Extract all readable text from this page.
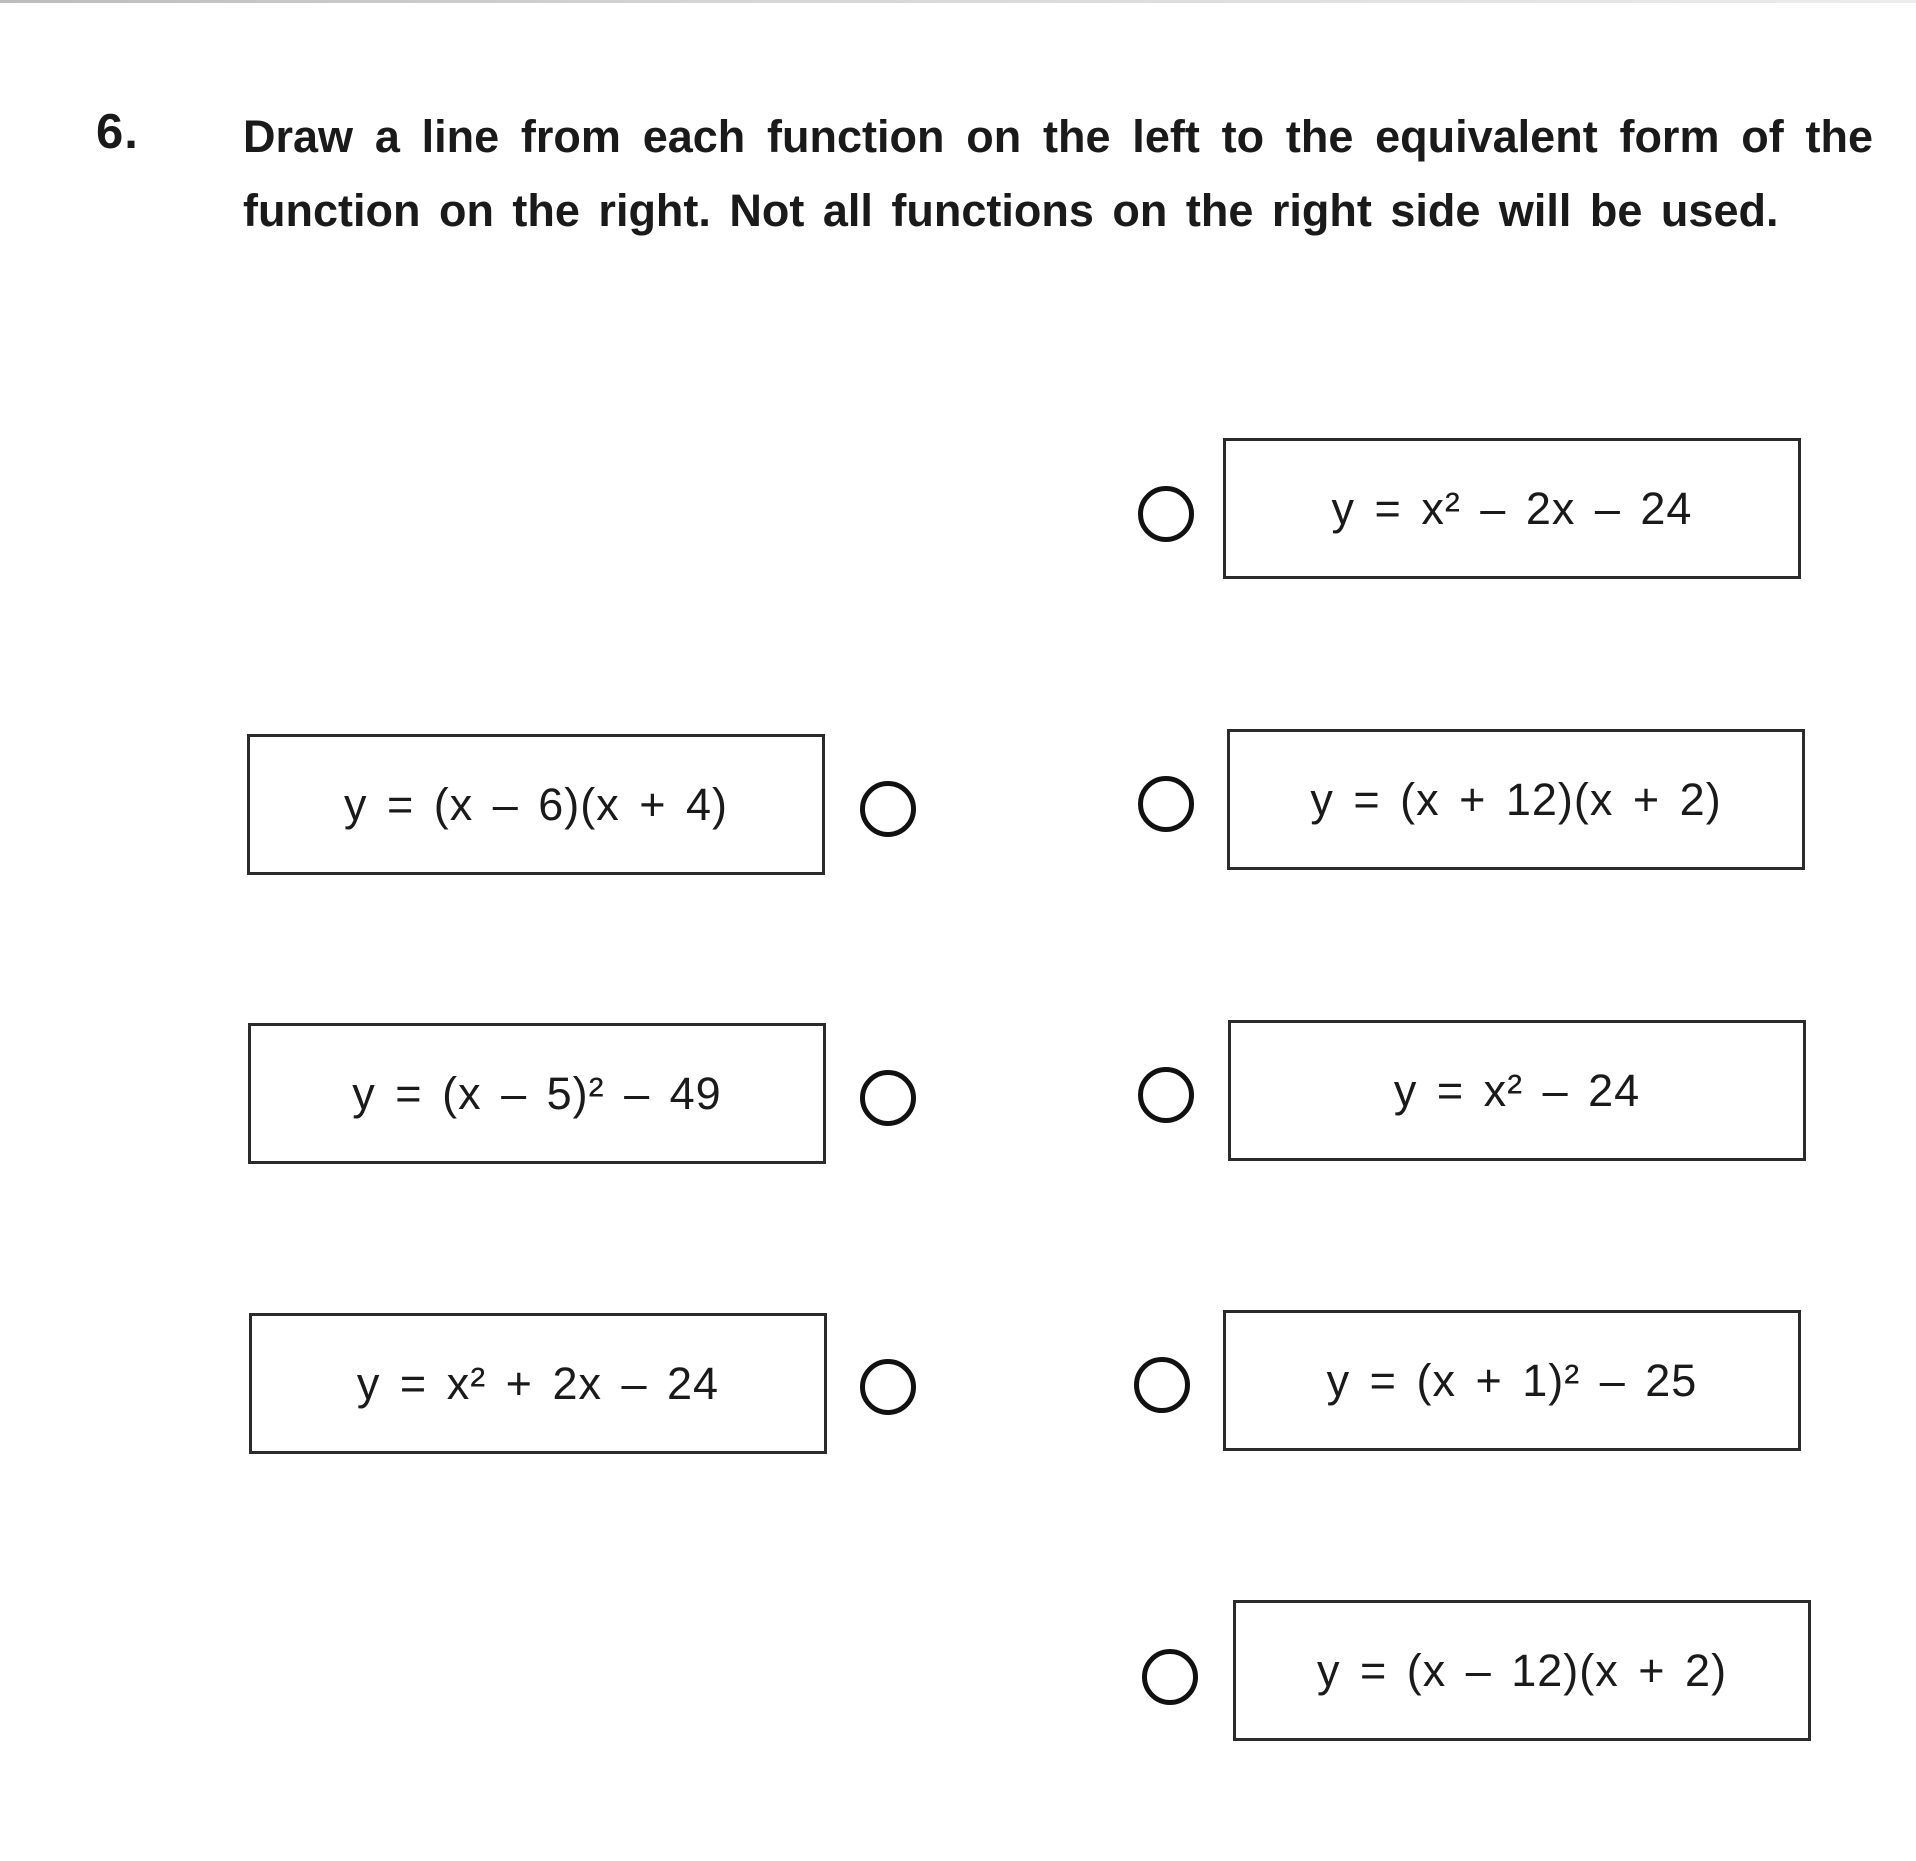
6. Draw a line from each function on the left to the equivalent form of the function on the right. Not all functions on the right side will be used.
y = (x – 6)(x + 4)
y = (x – 5)² – 49
y = x² + 2x – 24
y = x² – 2x – 24
y = (x + 12)(x + 2)
y = x² – 24
y = (x + 1)² – 25
y = (x – 12)(x + 2)
